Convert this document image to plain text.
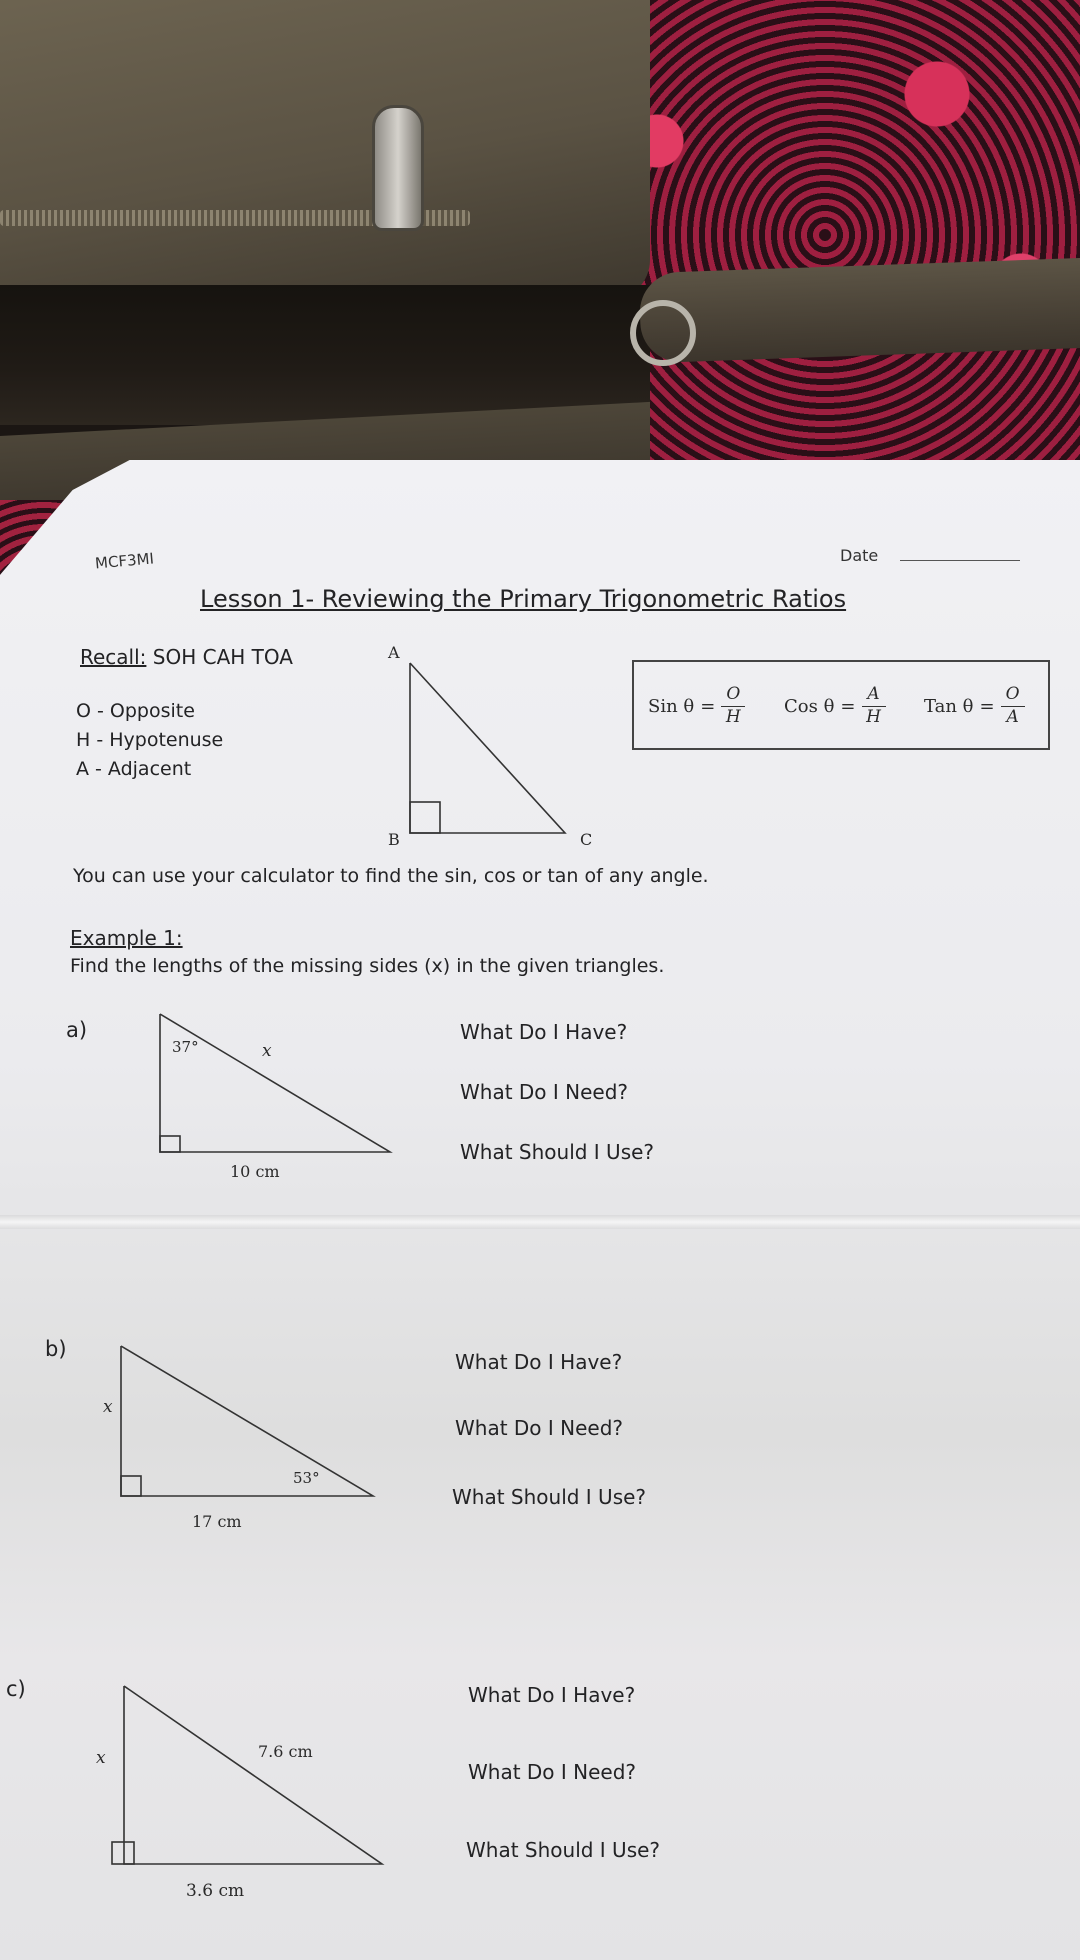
MCF3MI	Date
Lesson 1- Reviewing the Primary Trigonometric Ratios
Recall: SOH CAH TOA
O - Opposite
H - Hypotenuse
A - Adjacent
A
B	C
Sin $\theta = \frac{O}{H}$ Cos $\theta = \frac{A}{H}$ Tan $\theta = \frac{O}{A}$
You can use your calculator to find the sin, cos or tan of any angle.
Example 1:
Find the lengths of the missing sides (x) in the given triangles.
a)
37°	x
10 cm
What Do I Have?
What Do I Need?
What Should I Use?
b)
x
53°
17 cm
What Do I Have?
What Do I Need?
What Should I Use?
c)
x	7.6 cm
3.6 cm
What Do I Have?
What Do I Need?
What Should I Use?
